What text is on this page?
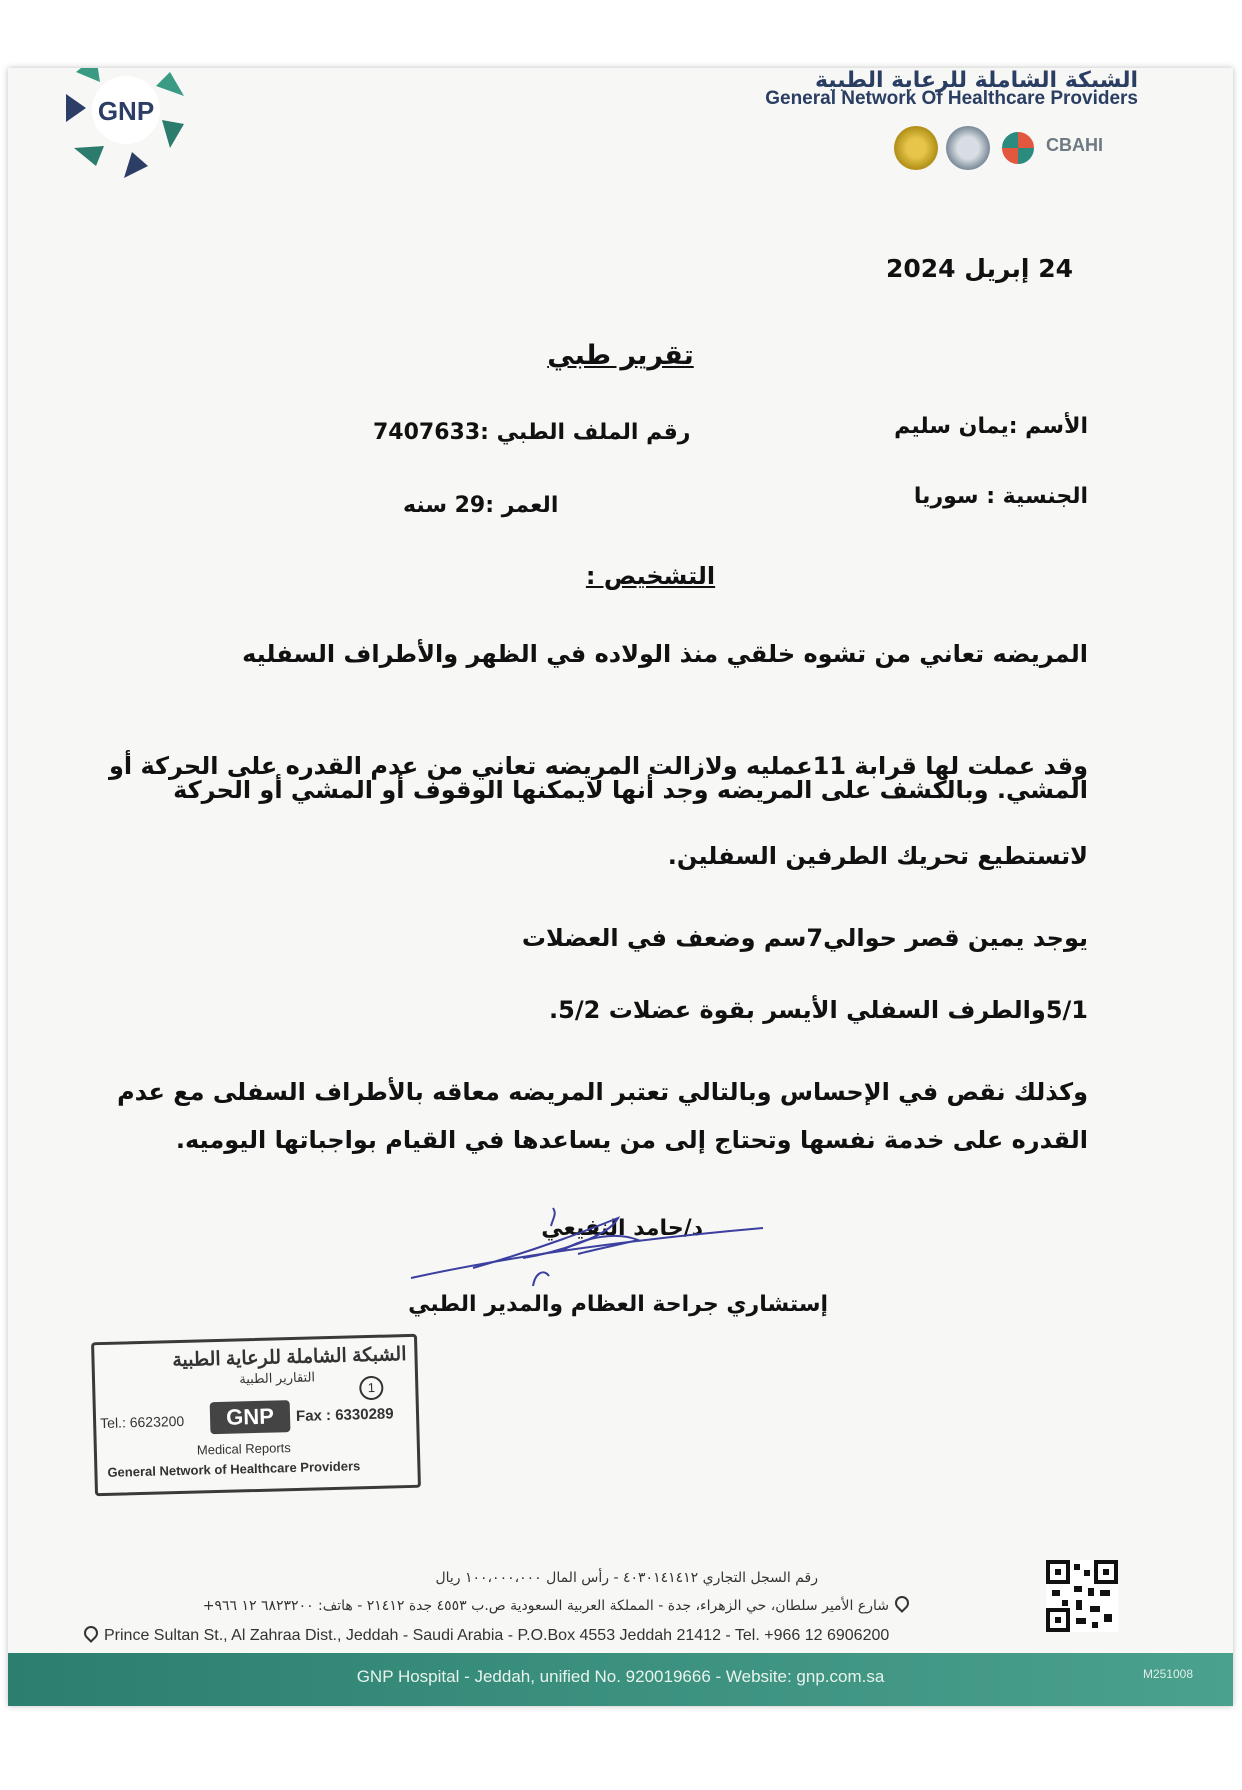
GNP
الشبكة الشاملة للرعاية الطبية
General Network Of Healthcare Providers
CBAHI

24 إبريل 2024
تقرير طبي
الأسم :يمان سليم
رقم الملف الطبي :7407633
الجنسية : سوريا
العمر :29 سنه
التشخيص :
المريضه تعاني من تشوه خلقي منذ الولاده في الظهر والأطراف السفليه
وقد عملت لها قرابة 11عمليه ولازالت المريضه تعاني من عدم القدره على الحركة أو
المشي. وبالكشف على المريضه وجد أنها لايمكنها الوقوف أو المشي أو الحركة
لاتستطيع تحريك الطرفين السفلين.
يوجد يمين قصر حوالي7سم وضعف في العضلات
5/1والطرف السفلي الأيسر بقوة عضلات 5/2.
وكذلك نقص في الإحساس وبالتالي تعتبر المريضه معاقه بالأطراف السفلى مع عدم
القدره على خدمة نفسها وتحتاج إلى من يساعدها في القيام بواجباتها اليوميه.
د/حامد النفيعي
إستشاري جراحة العظام والمدير الطبي
الشبكة الشاملة للرعاية الطبية
التقارير الطبية
1
Tel.: 6623200	GNP	Fax : 6330289
Medical Reports
General Network of Healthcare Providers
رقم السجل التجاري ٤٠٣٠١٤١٤١٢ - رأس المال ١٠٠،٠٠٠،٠٠٠ ريال
شارع الأمير سلطان، حي الزهراء، جدة - المملكة العربية السعودية ص.ب ٤٥٥٣ جدة ٢١٤١٢ - هاتف: ٦٨٢٣٢٠٠ ١٢ ٩٦٦+
Prince Sultan St., Al Zahraa Dist., Jeddah - Saudi Arabia - P.O.Box 4553 Jeddah 21412 - Tel. +966 12 6906200
GNP Hospital - Jeddah, unified No. 920019666 - Website: gnp.com.sa	M251008
